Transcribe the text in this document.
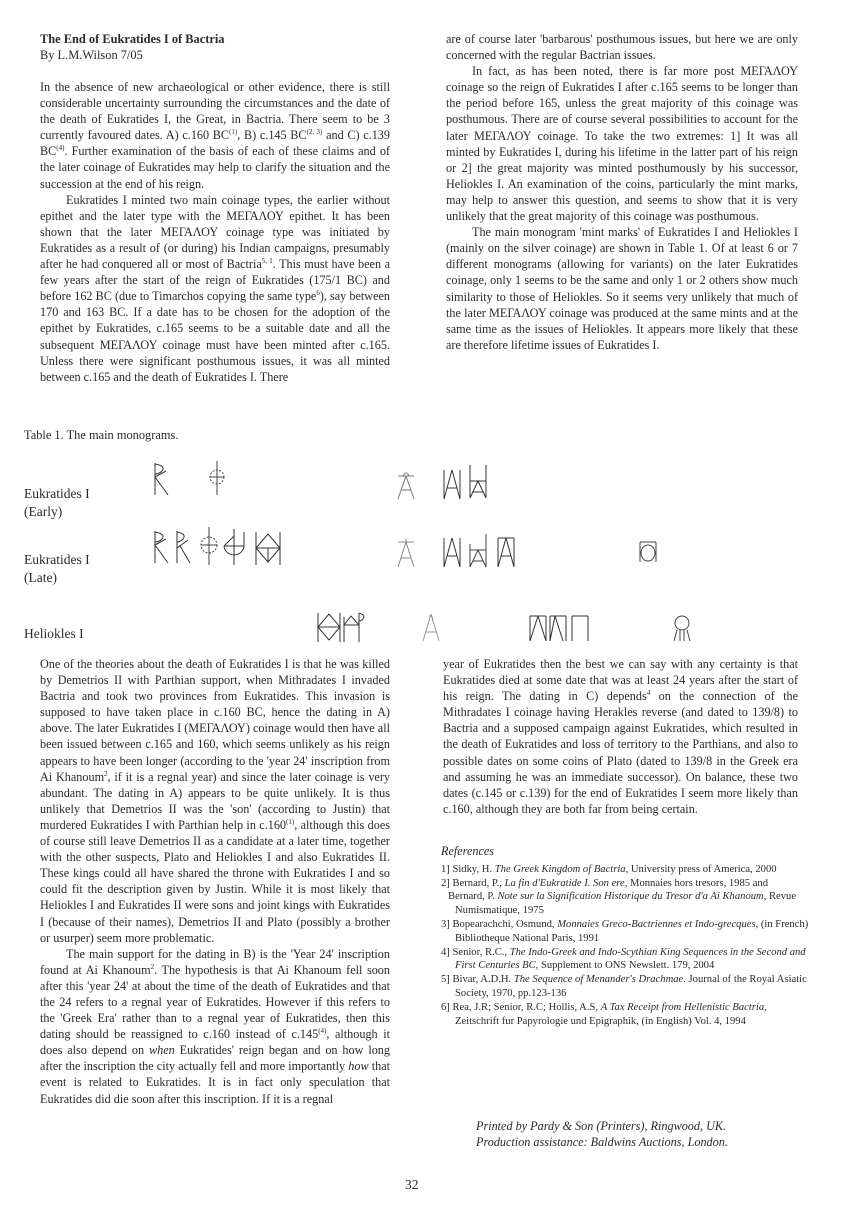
The End of Eukratides I of Bactria

By L.M.Wilson 7/05

In the absence of new archaeological or other evidence, there is still considerable uncertainty surrounding the circumstances and the date of the death of Eukratides I, the Great, in Bactria. There seem to be 3 currently favoured dates. A) c.160 BC$^{(1)}$, B) c.145 BC$^{(2, 3)}$ and C) c.139 BC$^{(4)}$. Further examination of the basis of each of these claims and of the later coinage of Eukratides may help to clarify the situation and the succession at the end of his reign.

Eukratides I minted two main coinage types, the earlier without epithet and the later type with the ΜΕΓΑΛΟΥ epithet. It has been shown that the later ΜΕΓΑΛΟΥ coinage type was initiated by Eukratides as a result of (or during) his Indian campaigns, presumably after he had conquered all or most of Bactria$^{5, 1}$. This must have been a few years after the start of the reign of Eukratides (175/1 BC) and before 162 BC (due to Timarchos copying the same type$^6$), say between 170 and 163 BC. If a date has to be chosen for the adoption of the epithet by Eukratides, c.165 seems to be a suitable date and all the subsequent ΜΕΓΑΛΟΥ coinage must have been minted after c.165. Unless there were significant posthumous issues, it was all minted between c.165 and the death of Eukratides I. There

are of course later 'barbarous' posthumous issues, but here we are only concerned with the regular Bactrian issues.

In fact, as has been noted, there is far more post ΜΕΓΑΛΟΥ coinage so the reign of Eukratides I after c.165 seems to be longer than the period before 165, unless the great majority of this coinage was posthumous. There are of course several possibilities to account for the later ΜΕΓΑΛΟΥ coinage. To take the two extremes: 1] It was all minted by Eukratides I, during his lifetime in the latter part of his reign or 2] the great majority was minted posthumously by his successor, Heliokles I. An examination of the coins, particularly the mint marks, may help to answer this question, and seems to show that it is very unlikely that the great majority of this coinage was posthumous.

The main monogram 'mint marks' of Eukratides I and Heliokles I (mainly on the silver coinage) are shown in Table 1. Of at least 6 or 7 different monograms (allowing for variants) on the later Eukratides coinage, only 1 seems to be the same and only 1 or 2 others show much similarity to those of Heliokles. So it seems very unlikely that much of the later ΜΕΓΑΛΟΥ coinage was produced at the same mints and at the same time as the issues of Heliokles. It appears more likely that these are therefore lifetime issues of Eukratides I.

Table 1. The main monograms.
Eukratides I
(Early)
Eukratides I
(Late)
Heliokles I

One of the theories about the death of Eukratides I is that he was killed by Demetrios II with Parthian support, when Mithradates I invaded Bactria and took two provinces from Eukratides. This invasion is supposed to have taken place in c.160 BC, hence the dating in A) above. The later Eukratides I (ΜΕΓΑΛΟΥ) coinage would then have all been issued between c.165 and 160, which seems unlikely as his reign appears to have been longer (according to the 'year 24' inscription from Ai Khanoum$^2$, if it is a regnal year) and since the later coinage is very abundant. The dating in A) appears to be quite unlikely. It is thus unlikely that Demetrios II was the 'son' (according to Justin) that murdered Eukratides I with Parthian help in c.160$^{(1)}$, although this does of course still leave Demetrios II as a candidate at a later time, together with the other suspects, Plato and Heliokles I and also Eukratides II. These kings could all have shared the throne with Eukratides I and so could fit the description given by Justin. While it is most likely that Heliokles I and Eukratides II were sons and joint kings with Eukratides I (because of their names), Demetrios II and Plato (possibly a brother or usurper) seem more problematic.

The main support for the dating in B) is the 'Year 24' inscription found at Ai Khanoum$^2$. The hypothesis is that Ai Khanoum fell soon after this 'year 24' at about the time of the death of Eukratides and that the 24 refers to a regnal year of Eukratides. However if this refers to the 'Greek Era' rather than to a regnal year of Eukratides, then this dating should be reassigned to c.160 instead of c.145$^{(4)}$, although it does also depend on when Eukratides' reign began and on how long after the inscription the city actually fell and more importantly how that event is related to Eukratides. It is in fact only speculation that Eukratides did die soon after this inscription. If it is a regnal

year of Eukratides then the best we can say with any certainty is that Eukratides died at some date that was at least 24 years after the start of his reign. The dating in C) depends$^4$ on the connection of the Mithradates I coinage having Herakles reverse (and dated to 139/8) to Bactria and a supposed campaign against Eukratides, which resulted in the death of Eukratides and loss of territory to the Parthians, and also to possible dates on some coins of Plato (dated to 139/8 in the Greek era and assuming he was an immediate successor). On balance, these two dates (c.145 or c.139) for the end of Eukratides I seem more likely than c.160, although they are both far from being certain.

References
1] Sidky, H. The Greek Kingdom of Bactria, University press of America, 2000
2] Bernard, P., La fin d'Eukratide I. Son ere, Monnaies hors tresors, 1985 and
Bernard, P. Note sur la Signification Historique du Tresor d'a Ai Khanoum, Revue Numismatique, 1975
3] Bopearachchi, Osmund, Monnaies Greco-Bactriennes et Indo-grecques, (in French) Bibliotheque National Paris, 1991
4] Senior, R.C., The Indo-Greek and Indo-Scythian King Sequences in the Second and First Centuries BC, Supplement to ONS Newslett. 179, 2004
5] Bivar, A.D.H. The Sequence of Menander's Drachmae. Journal of the Royal Asiatic Society, 1970, pp.123-136
6] Rea, J.R; Senior, R.C; Hollis, A.S, A Tax Receipt from Hellenistic Bactria, Zeitschrift fur Papyrologie und Epigraphik, (in English) Vol. 4, 1994
Printed by Pardy & Son (Printers), Ringwood, UK.
Production assistance: Baldwins Auctions, London.
32
